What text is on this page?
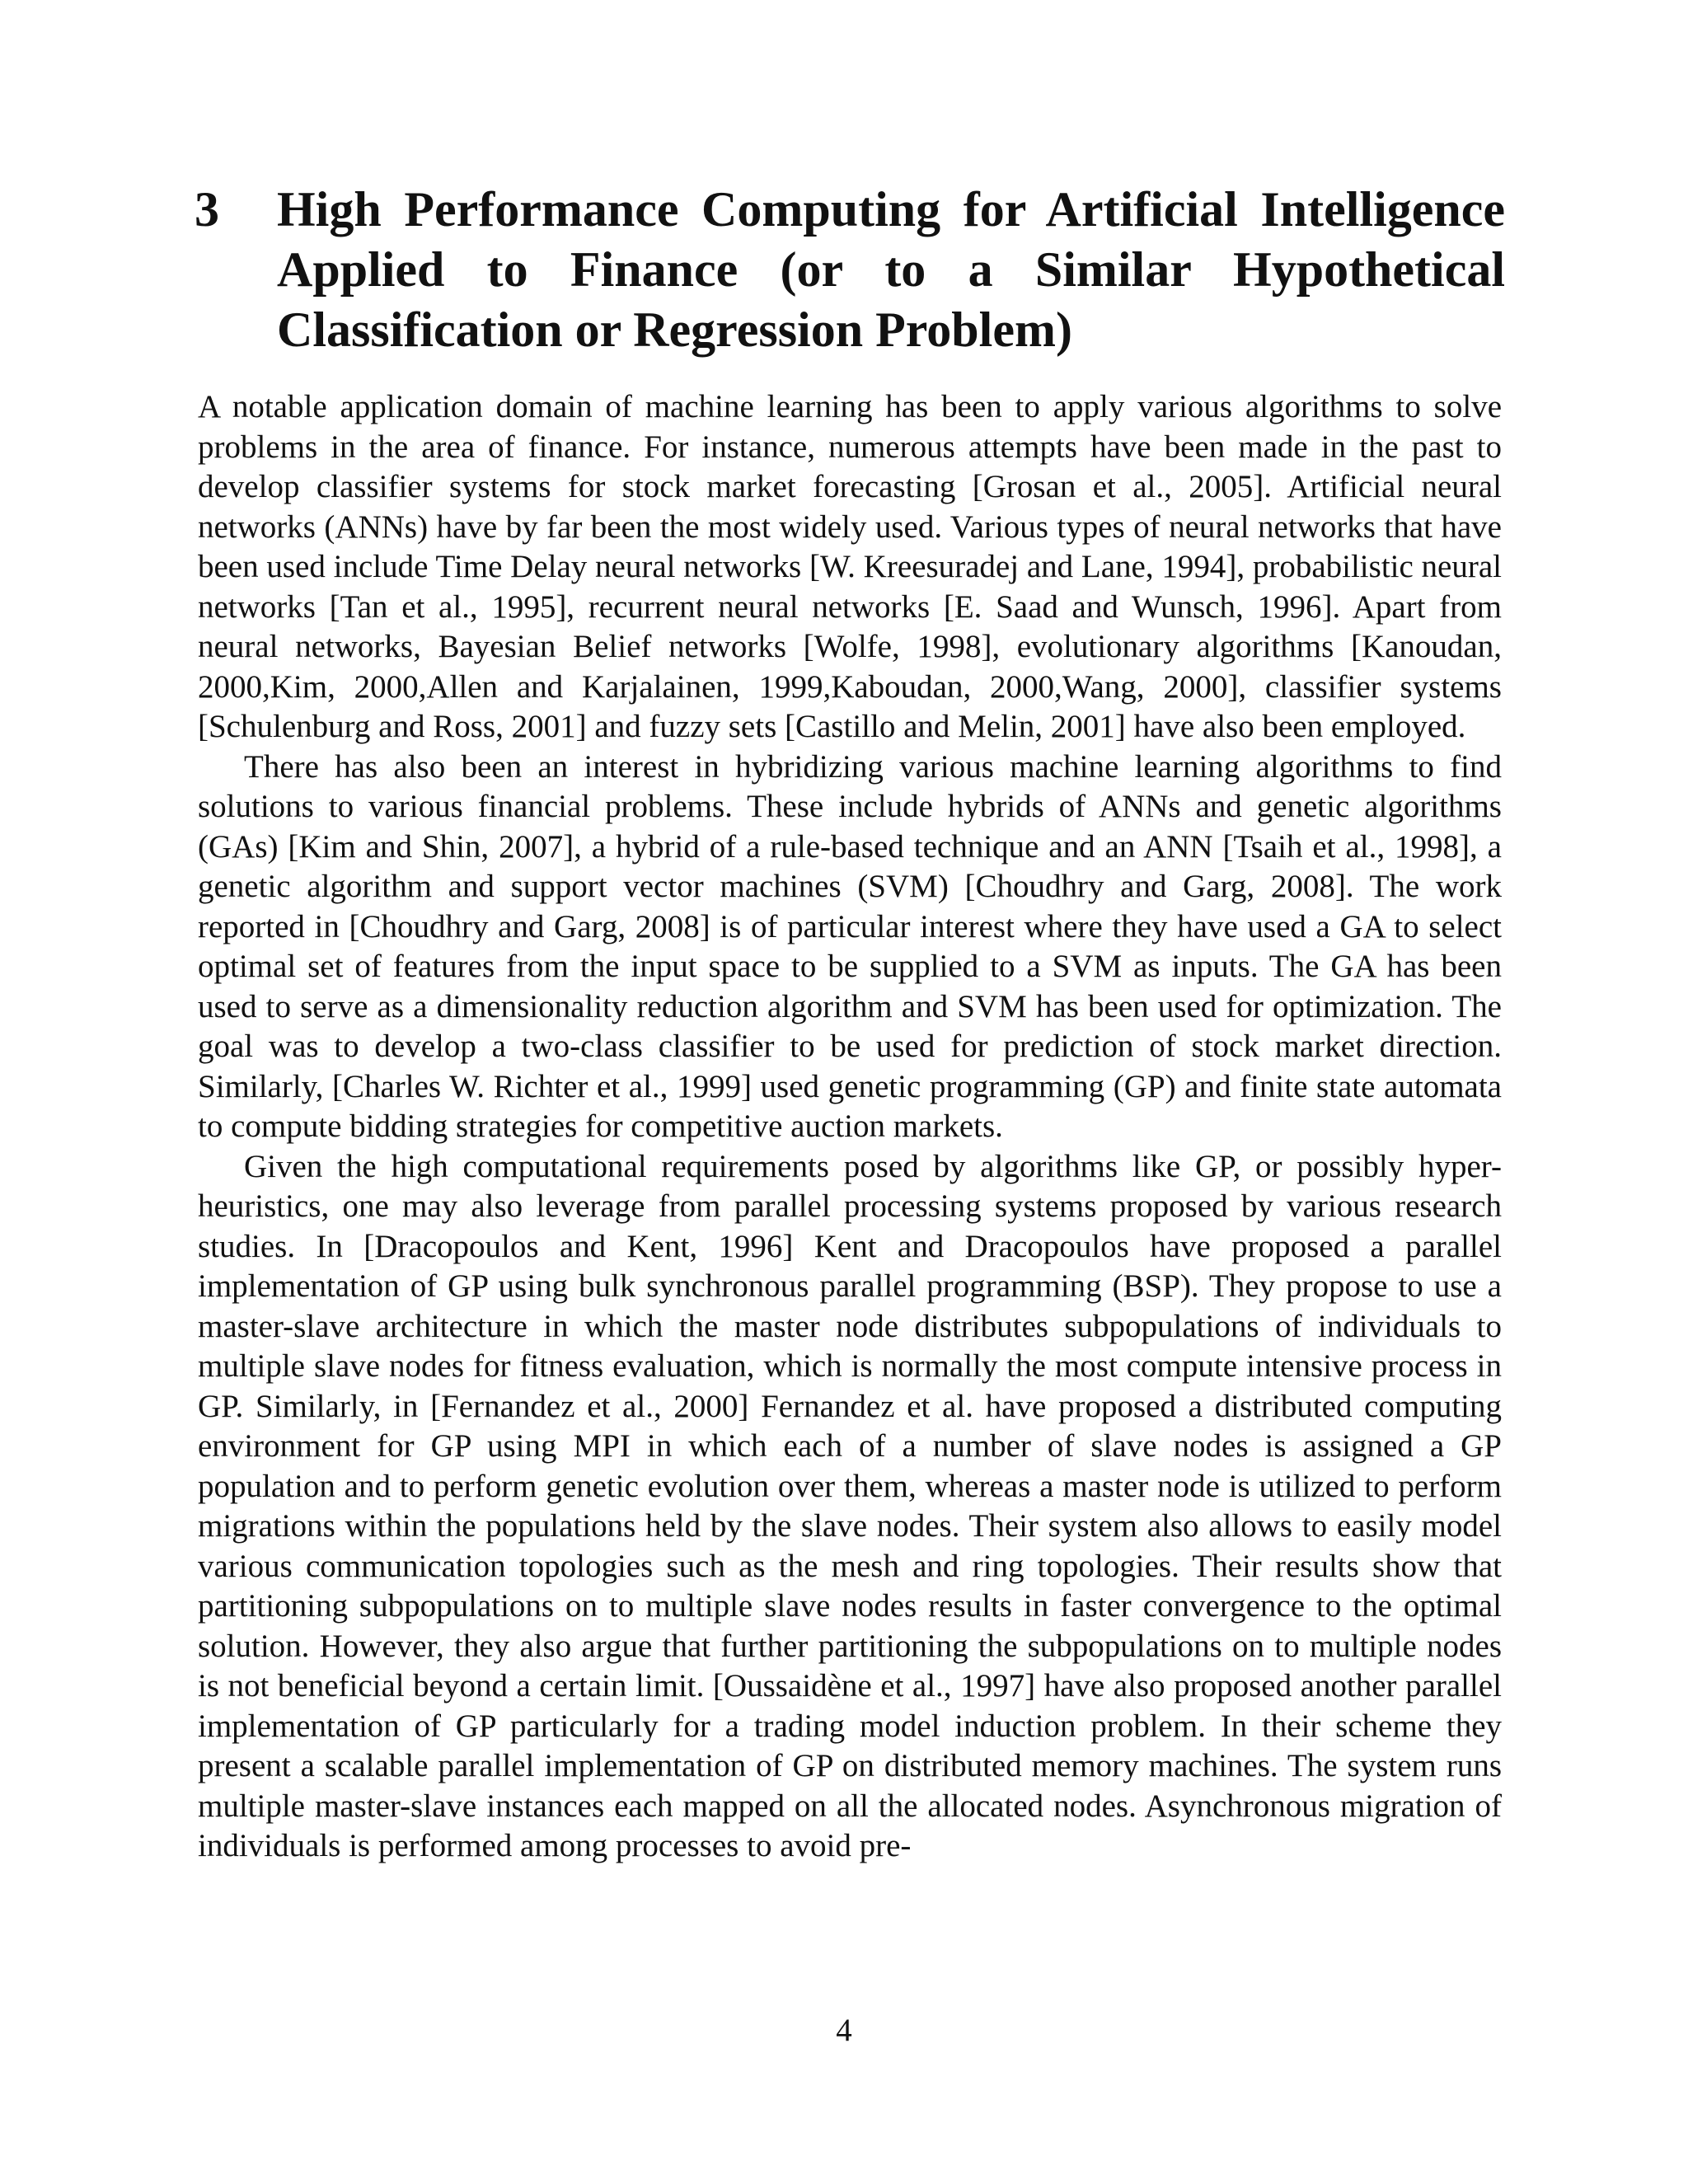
3	High Performance Computing for Artificial Intelligence Applied to Finance (or to a Similar Hypothetical Classification or Regression Problem)

A notable application domain of machine learning has been to apply various algorithms to solve problems in the area of finance. For instance, numerous attempts have been made in the past to develop classifier systems for stock market forecasting [Grosan et al., 2005]. Artificial neural networks (ANNs) have by far been the most widely used. Various types of neural networks that have been used include Time Delay neural networks [W. Kreesuradej and Lane, 1994], probabilistic neural networks [Tan et al., 1995], recurrent neural networks [E. Saad and Wunsch, 1996]. Apart from neural networks, Bayesian Belief networks [Wolfe, 1998], evolutionary algorithms [Kanoudan, 2000,Kim, 2000,Allen and Karjalainen, 1999,Kaboudan, 2000,Wang, 2000], classifier systems [Schulenburg and Ross, 2001] and fuzzy sets [Castillo and Melin, 2001] have also been employed.

There has also been an interest in hybridizing various machine learning algorithms to find solutions to various financial problems. These include hybrids of ANNs and genetic algorithms (GAs) [Kim and Shin, 2007], a hybrid of a rule-based technique and an ANN [Tsaih et al., 1998], a genetic algorithm and support vector machines (SVM) [Choudhry and Garg, 2008]. The work reported in [Choudhry and Garg, 2008] is of particular interest where they have used a GA to select optimal set of features from the input space to be supplied to a SVM as inputs. The GA has been used to serve as a dimensionality reduction algorithm and SVM has been used for optimization. The goal was to develop a two-class classifier to be used for prediction of stock market direction. Similarly, [Charles W. Richter et al., 1999] used genetic programming (GP) and finite state automata to compute bidding strategies for competitive auction markets.

Given the high computational requirements posed by algorithms like GP, or possibly hyper-heuristics, one may also leverage from parallel processing systems proposed by various research studies. In [Dracopoulos and Kent, 1996] Kent and Dracopoulos have proposed a parallel implementation of GP using bulk synchronous parallel programming (BSP). They propose to use a master-slave architecture in which the master node distributes subpopulations of individuals to multiple slave nodes for fitness evaluation, which is normally the most compute intensive process in GP. Similarly, in [Fernandez et al., 2000] Fernandez et al. have proposed a distributed computing environment for GP using MPI in which each of a number of slave nodes is assigned a GP population and to perform genetic evolution over them, whereas a master node is utilized to perform migrations within the populations held by the slave nodes. Their system also allows to easily model various communication topologies such as the mesh and ring topologies. Their results show that partitioning subpopulations on to multiple slave nodes results in faster convergence to the optimal solution. However, they also argue that further partitioning the subpopulations on to multiple nodes is not beneficial beyond a certain limit. [Oussaidène et al., 1997] have also proposed another parallel implementation of GP particularly for a trading model induction problem. In their scheme they present a scalable parallel implementation of GP on distributed memory machines. The system runs multiple master-slave instances each mapped on all the allocated nodes. Asynchronous migration of individuals is performed among processes to avoid pre-

4
